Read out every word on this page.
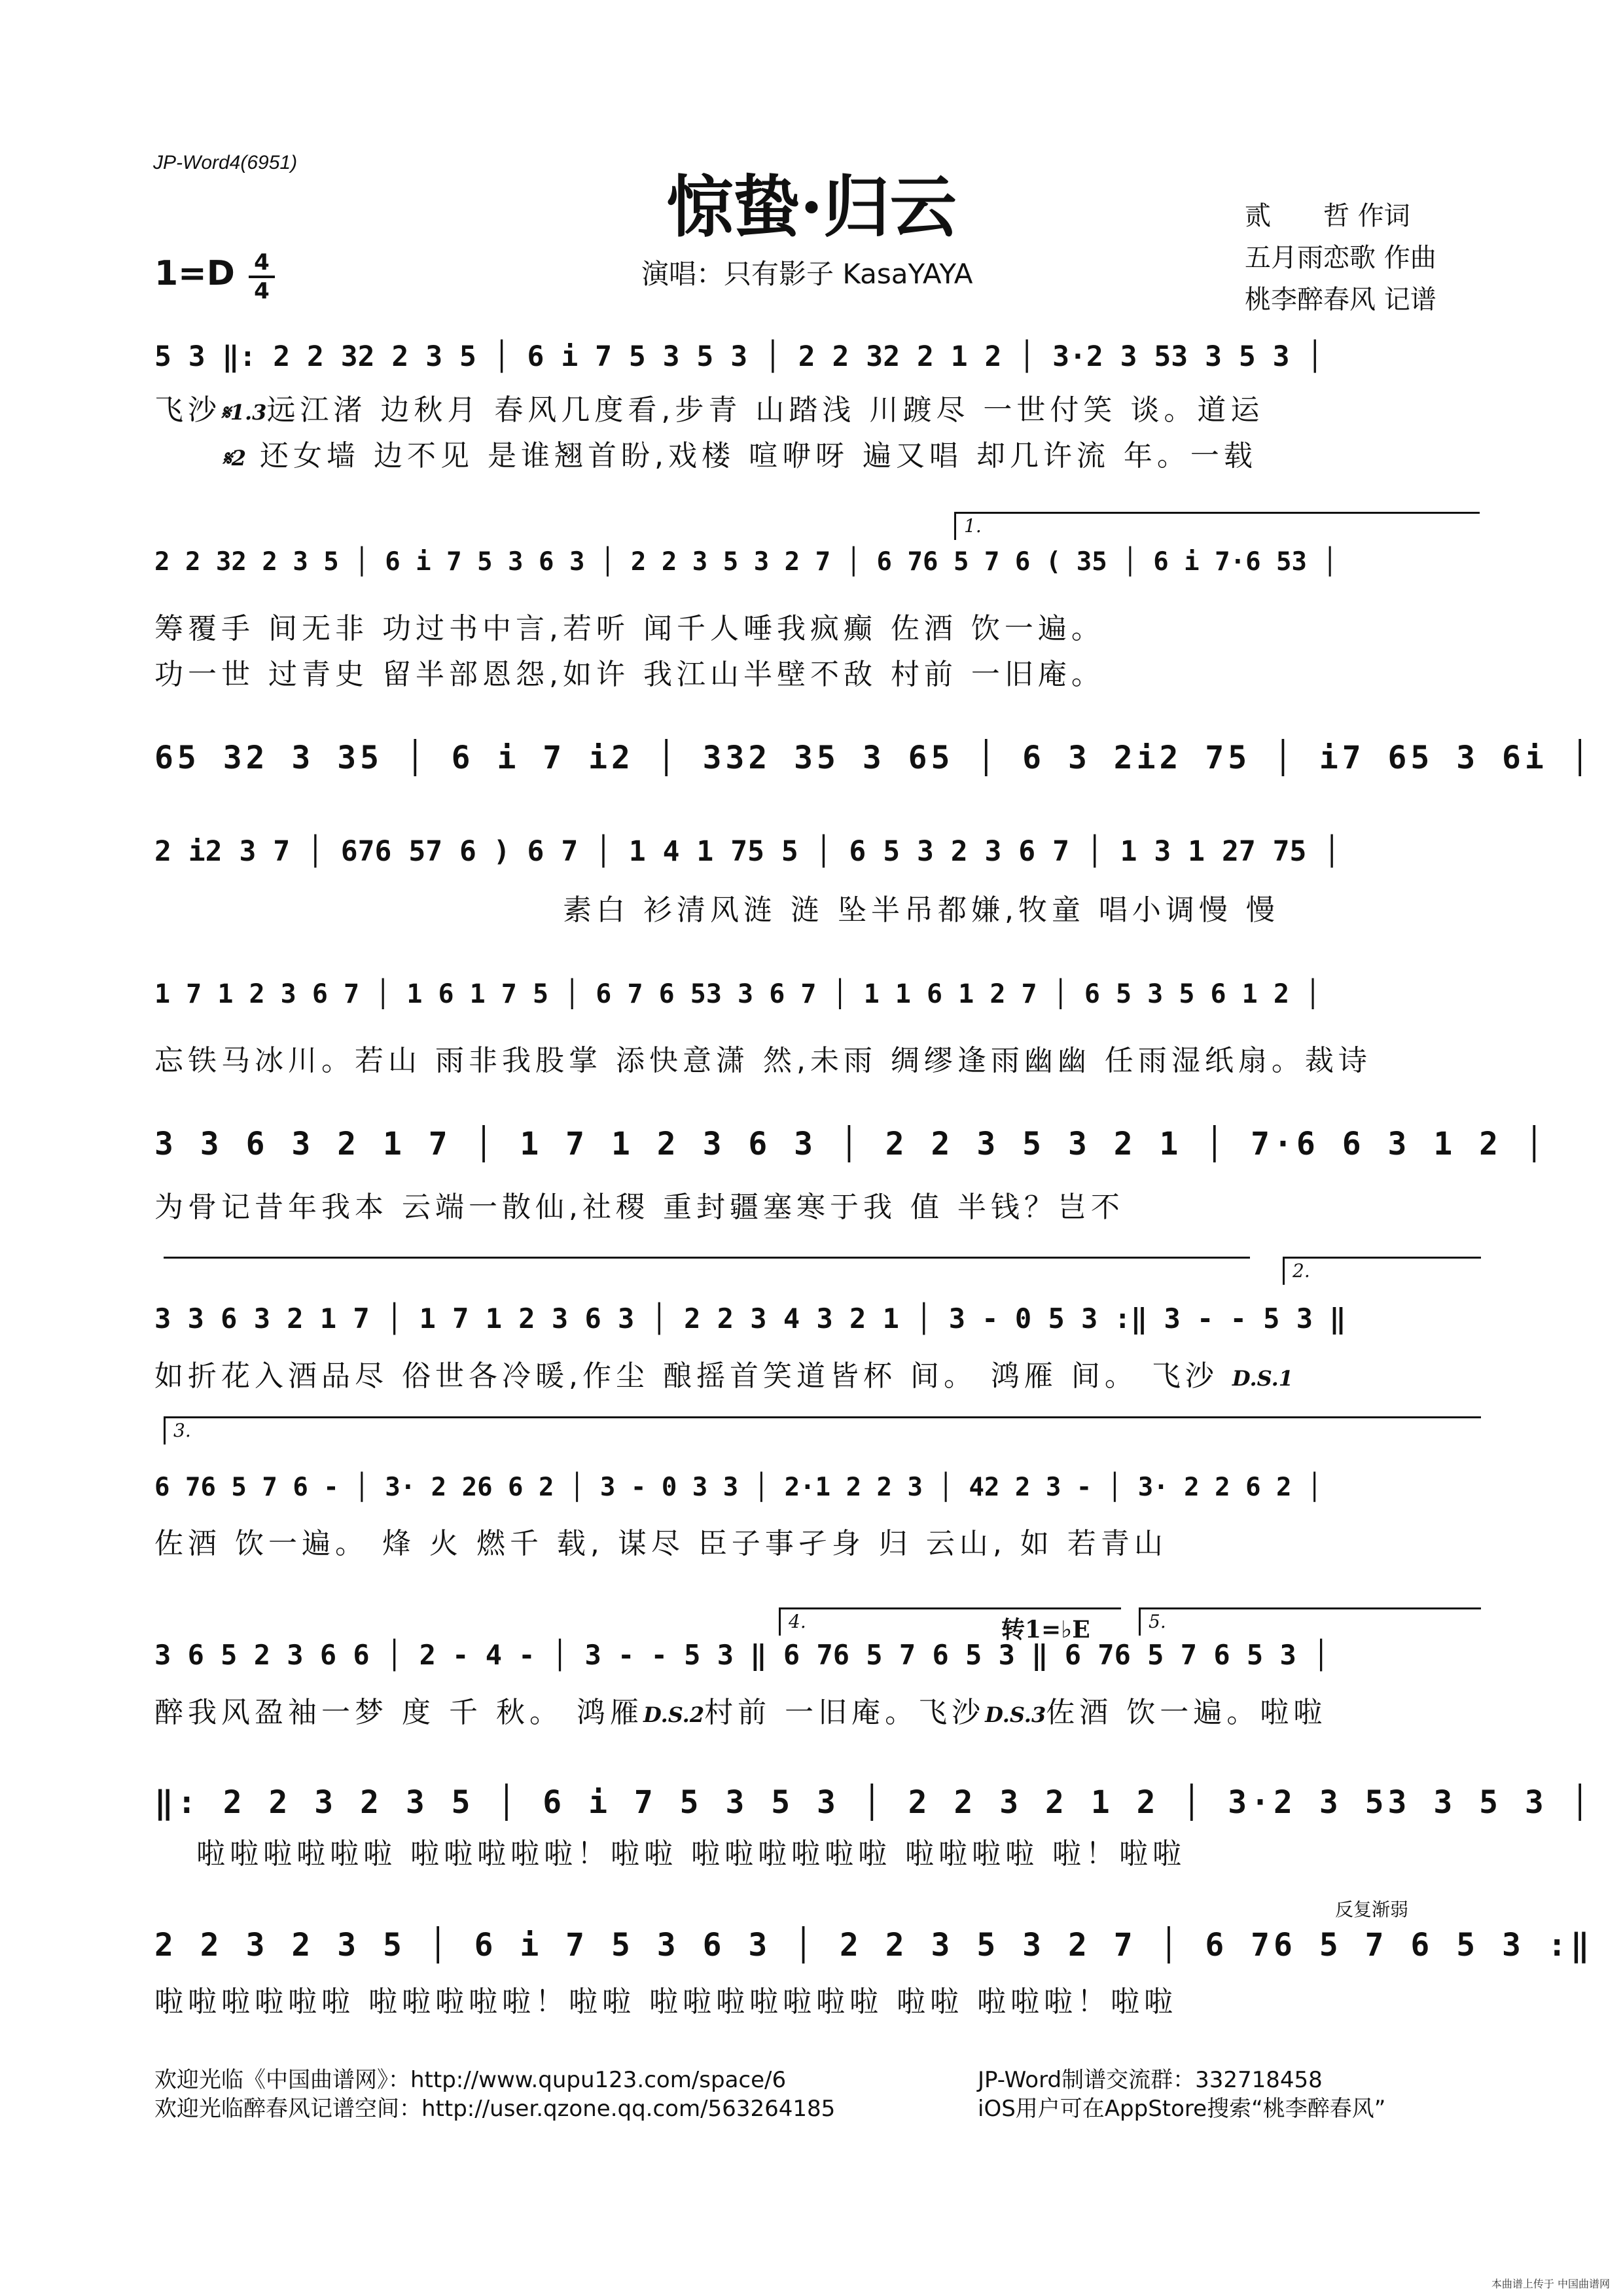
JP-Word4(6951)
惊蛰·归云
1=D 4
4
演唱：只有影子 KasaYAYA
贰　　哲 作词
五月雨恋歌 作曲
桃李醉春风 记谱
5 3 ‖: 2 2 32 2 3 5 │ 6 i 7 5 3 5 3 │ 2 2 32 2 1 2 │ 3·2 3 53 3 5 3 │
飞沙𝄋1.3远江渚 边秋月 春风几度看,步青 山踏浅 川踱尽 一世付笑 谈。道运
𝄋2 还女墙 边不见 是谁翘首盼,戏楼 喧咿呀 遍又唱 却几许流 年。一载
1.
2 2 32 2 3 5 │ 6 i 7 5 3 6 3 │ 2 2 3 5 3 2 7 │ 6 76 5 7 6 ( 35 │ 6 i 7·6 53 │
筹覆手 间无非 功过书中言,若听 闻千人唾我疯癫 佐酒 饮一遍。
功一世 过青史 留半部恩怨,如许 我江山半壁不敌 村前 一旧庵。
65 32 3 35 │ 6 i 7 i2 │ 332 35 3 65 │ 6 3 2i2 75 │ i7 65 3 6i │
2 i2 3 7 │ 676 57 6 ) 6 7 │ 1 4 1 75 5 │ 6 5 3 2 3 6 7 │ 1 3 1 27 75 │
素白 衫清风涟 涟 坠半吊都嫌,牧童 唱小调慢 慢
1 7 1 2 3 6 7 │ 1 6 1 7 5 │ 6 7 6 53 3 6 7 │ 1 1 6 1 2 7 │ 6 5 3 5 6 1 2 │
忘铁马冰川。若山 雨非我股掌 添快意潇 然,未雨 绸缪逢雨幽幽 任雨湿纸扇。裁诗
3 3 6 3 2 1 7 │ 1 7 1 2 3 6 3 │ 2 2 3 5 3 2 1 │ 7·6 6 3 1 2 │
为骨记昔年我本 云端一散仙,社稷 重封疆塞寒于我 值 半钱？岂不
2.
3 3 6 3 2 1 7 │ 1 7 1 2 3 6 3 │ 2 2 3 4 3 2 1 │ 3 - 0 5 3 :‖ 3 - - 5 3 ‖
如折花入酒品尽 俗世各冷暖,作尘 酿摇首笑道皆杯 间。 鸿雁 间。 飞沙 D.S.1
3.
6 76 5 7 6 - │ 3· 2 26 6 2 │ 3 - 0 3 3 │ 2·1 2 2 3 │ 42 2 3 - │ 3· 2 2 6 2 │
佐酒 饮一遍。 烽 火 燃千 载, 谋尽 臣子事孑身 归 云山, 如 若青山
4.	转1=♭E	5.
3 6 5 2 3 6 6 │ 2 - 4 - │ 3 - - 5 3 ‖ 6 76 5 7 6 5 3 ‖ 6 76 5 7 6 5 3 │
醉我风盈袖一梦 度 千 秋。 鸿雁D.S.2村前 一旧庵。飞沙D.S.3佐酒 饮一遍。啦啦
‖: 2 2 3 2 3 5 │ 6 i 7 5 3 5 3 │ 2 2 3 2 1 2 │ 3·2 3 53 3 5 3 │
啦啦啦啦啦啦 啦啦啦啦啦！啦啦 啦啦啦啦啦啦 啦啦啦啦 啦！啦啦
反复渐弱
2 2 3 2 3 5 │ 6 i 7 5 3 6 3 │ 2 2 3 5 3 2 7 │ 6 76 5 7 6 5 3 :‖
啦啦啦啦啦啦 啦啦啦啦啦！啦啦 啦啦啦啦啦啦啦 啦啦 啦啦啦！啦啦
欢迎光临《中国曲谱网》：http://www.qupu123.com/space/6
欢迎光临醉春风记谱空间：http://user.qzone.qq.com/563264185
JP-Word制谱交流群：332718458
iOS用户可在AppStore搜索“桃李醉春风”
本曲谱上传于 中国曲谱网
